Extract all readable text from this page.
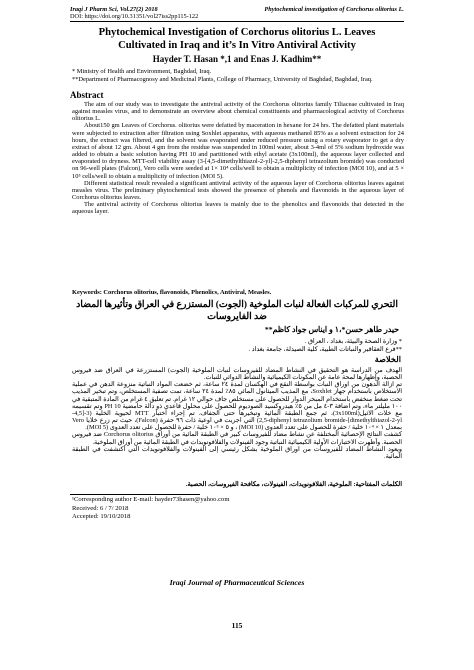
Iraqi J Pharm Sci, Vol.27(2) 2018	Phytochemical investigation of Corchorus olitorius L.
DOI: https://doi.org/10.31351/vol27iss2pp115-122
Phytochemical Investigation of Corchorus olitorius L. Leaves
Cultivated in Iraq and it’s In Vitro Antiviral Activity
Hayder T. Hasan *,1 and Enas J. Kadhim**
* Ministry of Health and Environment, Baghdad, Iraq.
**Department of Pharmacognosy and Medicinal Plants, College of Pharmacy, University of Baghdad, Baghdad, Iraq.
Abstract

The aim of our study was to investigate the antiviral activity of the Corchorus olitorius family Tiliaceae cultivated in Iraq against measles virus, and to demonstrate an overview about chemical constituents and pharmacological activity of Corchorus olitorius L.

About150 gm Leaves of Corchorus. olitorius were defatted by maceration in hexane for 24 hrs. The defatted plant materials were subjected to extraction after filtration using Soxhlet apparatus, with aqueous methanol 85% as a solvent extraction for 24 hours, the extract was filtered, and the solvent was evaporated under reduced pressure using a rotary evaporator to get a dry extract of about 12 gm. About 4 gm from the residue was suspended in 100ml water, about 3-4ml of 5% sodium hydroxide was added to obtain a basic solution having PH 10 and partitioned with ethyl acetate (3x100ml), the aqueous layer collected and evaporated to dryness. MTT-cell viability assay (3-[4,5-dimethylthiazol-2-yl]-2,5-diphenyl tetrazolium bromide) was conducted on 96-well plates (Falcon), Vero cells were seeded at 1× 10⁴ cells/well to obtain a multiplicity of infection (MOI 10), and at 5 × 10⁵ cells/well to obtain a multiplicity of infection (MOI 5).

Different statistical result revealed a significant antiviral activity of the aqueous layer of Corchorus olitorius leaves against measles virus. The preliminary phytochemical tests showed the presence of phenols and flavonoids in the aqueous layer of Corchorus olitorius leaves.

The antiviral activity of Corchorus olitorius leaves is mainly due to the phenolics and flavonoids that detected in the aqueous layer.

Keywords: Corchorus olitorius, flavonoids, Phenolics, Antiviral, Measles.
التحري للمركبات الفعالة لنبات الملوخية (الجوت) المستزرع في العراق وتأثيرها المضاد ضد الفايروسات
حيدر طاهر حسن*،١ و ايناس جواد كاظم**
* وزارة الصحة والبيئة، بغداد ، العراق .
**فرع العقاقير والنباتات الطبية، كلية الصيدلة، جامعة بغداد .
الخلاصة

الهدف من الدراسة هو التحقيق في النشاط المضاد للفيروسات لنبات الملوخية (الجوت) المستزرعة في العراق ضد فيروس الحصبة، وإظهارها لمحة عامة عن المكونات الكيميائية والنشاط الدوائي للنبات.

تم ازالة الدهون من اوراق النبات بواسطة النقع في الهكسان لمدة ٢٤ ساعة، ثم خضعت المواد النباتية منزوعة الدهن في عملية الاستخلاص باستخدام جهاز Soxhlet، مع المذيب الميثانول المائي ٨٥٪ لمدة ٢٤ ساعة، تمت تصفية المستخلص، وتم تبخير المذيب تحت ضغط منخفض باستخدام المبخر الدوار للحصول على مستخلص جاف حوالي ١٢ غرام. تم تعليق ٤ غرام من المادة المتبقية في ١٠٠ مليلتر ماء، وتم اضافة ٣-٤ مل من ٥٪ هيدروكسيد الصوديوم للحصول على محلول قاعدي ذو دالة حامضية PH 10 وتم تقسيمه مع خلات الاثيل(3x100ml)، ثم جمع الطبقة المائية وتبخيرها حتى الجفاف. تم إجراء اختبار MTT لحيوية الخلية (3-[4,5-dimethylthiazol-2-yl]-2,5-diphenyl tetrazolium bromide) التي اجريت في اوعية ذات ٩٦ حفرة (Falcon)، حيث تم زرع خلايا Vero بمعدل ١ × ١٠⁴ خلية / حفرة للحصول على تعدد العدوى (MOI 10) ، و ٥ × ١٠⁵ خلية / حفرة للحصول على تعدد العدوى (MOI 5).

كشفت النتائج الإحصائية المختلفة عن نشاط مضاد للفيروسات كبير في الطبقة المائية من أوراق Corchorus olitorius ضد فيروس الحصبة. وأظهرت الاختبارات الأولية الكيميائية النباتية وجود الفينولات والفلافونويدات في الطبقة المائية من أوراق الملوخية.

ويعود النشاط المضاد للفيروسات من اوراق الملوخية بشكل رئيسي إلى الفينولات والفلافونويدات التي اكتشفت في الطبقة المائية.

الكلمات المفتاحية: الملوخية، الفلافونويدات، الفينولات، مكافحة الفيروسات، الحصبة.
¹Corresponding author E-mail: hayder73hasen@yahoo.com
Received: 6 / 7/ 2018
Accepted: 19/10/2018
Iraqi Journal of Pharmaceutical Sciences
115
